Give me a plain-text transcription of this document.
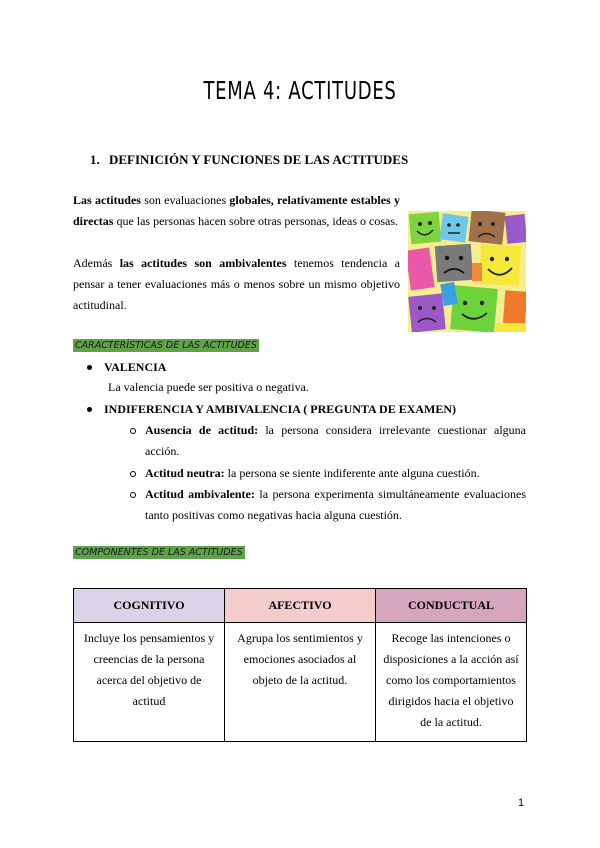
TEMA 4: ACTITUDES
1. DEFINICIÓN Y FUNCIONES DE LAS ACTITUDES
Las actitudes son evaluaciones globales, relativamente estables y directas que las personas hacen sobre otras personas, ideas o cosas.
Además las actitudes son ambivalentes tenemos tendencia a pensar a tener evaluaciones más o menos sobre un mismo objetivo actitudinal.
CARACTERÍSTICAS DE LAS ACTITUDES
VALENCIA
La valencia puede ser positiva o negativa.
INDIFERENCIA Y AMBIVALENCIA ( PREGUNTA DE EXAMEN)
Ausencia de actitud: la persona considera irrelevante cuestionar alguna acción.
Actitud neutra: la persona se siente indiferente ante alguna cuestión.
Actitud ambivalente: la persona experimenta simultáneamente evaluaciones tanto positivas como negativas hacia alguna cuestión.
COMPONENTES DE LAS ACTITUDES
COGNITIVO	AFECTIVO	CONDUCTUAL
Incluye los pensamientos y creencias de la persona acerca del objetivo de actitud	Agrupa los sentimientos y emociones asociados al objeto de la actitud.	Recoge las intenciones o disposiciones a la acción así como los comportamientos dirigidos hacia el objetivo de la actitud.
1
